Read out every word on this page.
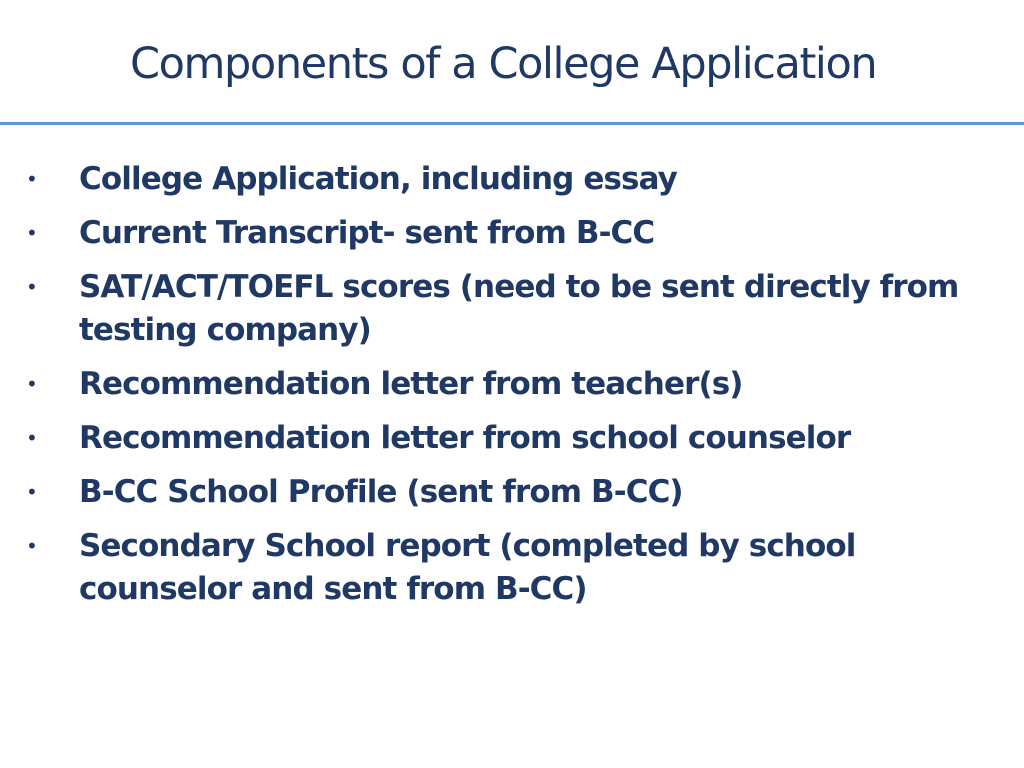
Components of a College Application
• College Application, including essay
• Current Transcript- sent from B-CC
• SAT/ACT/TOEFL scores (need to be sent directly from testing company)
• Recommendation letter from teacher(s)
• Recommendation letter from school counselor
• B-CC School Profile (sent from B-CC)
• Secondary School report (completed by school counselor and sent from B-CC)
